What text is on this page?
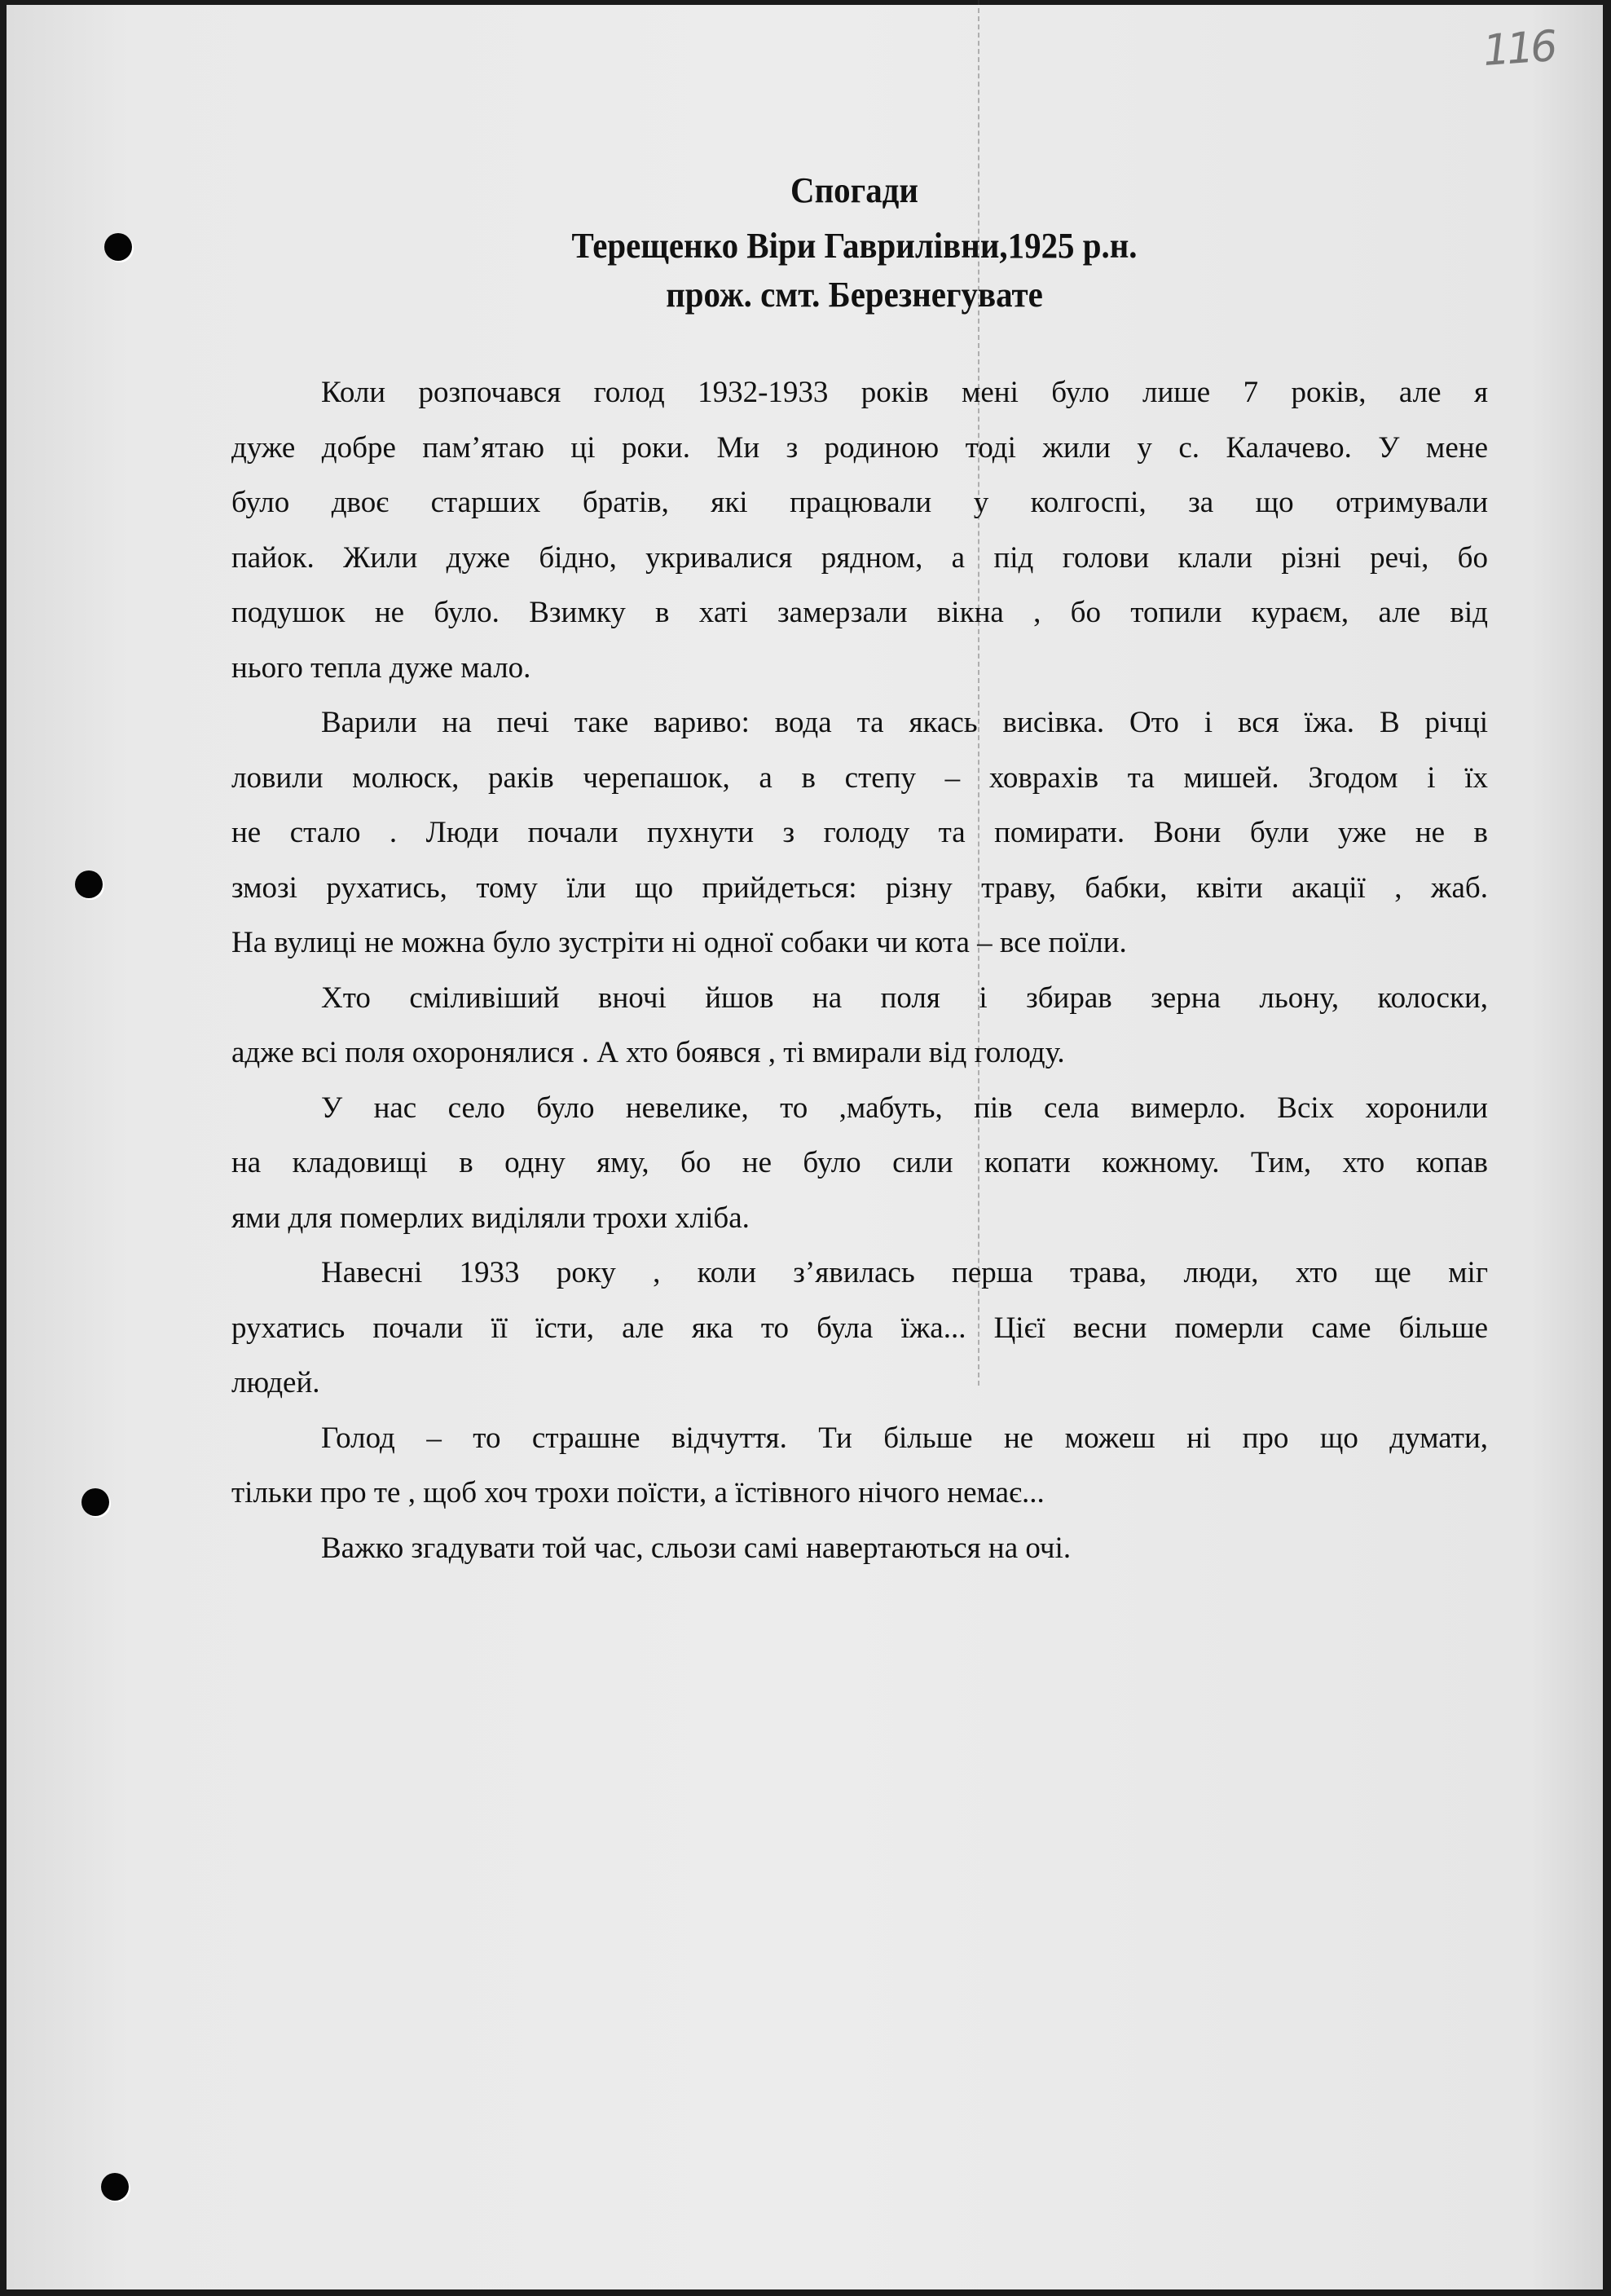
116
Спогади
Терещенко Віри Гаврилівни,1925 р.н.
прож. смт. Березнегувате
Коли розпочався голод 1932-1933 років мені було лише 7 років, але я
дуже добре пам’ятаю ці роки. Ми з родиною тоді жили у с. Калачево. У мене
було двоє старших братів, які працювали у колгоспі, за що отримували
пайок. Жили дуже бідно, укривалися рядном, а під голови клали різні речі, бо
подушок не було. Взимку в хаті замерзали вікна , бо топили кураєм, але від
нього тепла дуже мало.
Варили на печі таке вариво: вода та якась висівка. Ото і вся їжа. В річці
ловили молюск, раків черепашок, а в степу – ховрахів та мишей. Згодом і їх
не стало . Люди почали пухнути з голоду та помирати. Вони були уже не в
змозі рухатись, тому їли що прийдеться: різну траву, бабки, квіти акації , жаб.
На вулиці не можна було зустріти ні одної собаки чи кота – все поїли.
Хто сміливіший вночі йшов на поля і збирав зерна льону, колоски,
адже всі поля охоронялися . А хто боявся , ті вмирали від голоду.
У нас село було невелике, то ,мабуть, пів села вимерло. Всіх хоронили
на кладовищі в одну яму, бо не було сили копати кожному. Тим, хто копав
ями для померлих виділяли трохи хліба.
Навесні 1933 року , коли з’явилась перша трава, люди, хто ще міг
рухатись почали її їсти, але яка то була їжа... Цієї весни померли саме більше
людей.
Голод – то страшне відчуття. Ти більше не можеш ні про що думати,
тільки про те , щоб хоч трохи поїсти, а їстівного нічого немає...
Важко згадувати той час, сльози самі навертаються на очі.
